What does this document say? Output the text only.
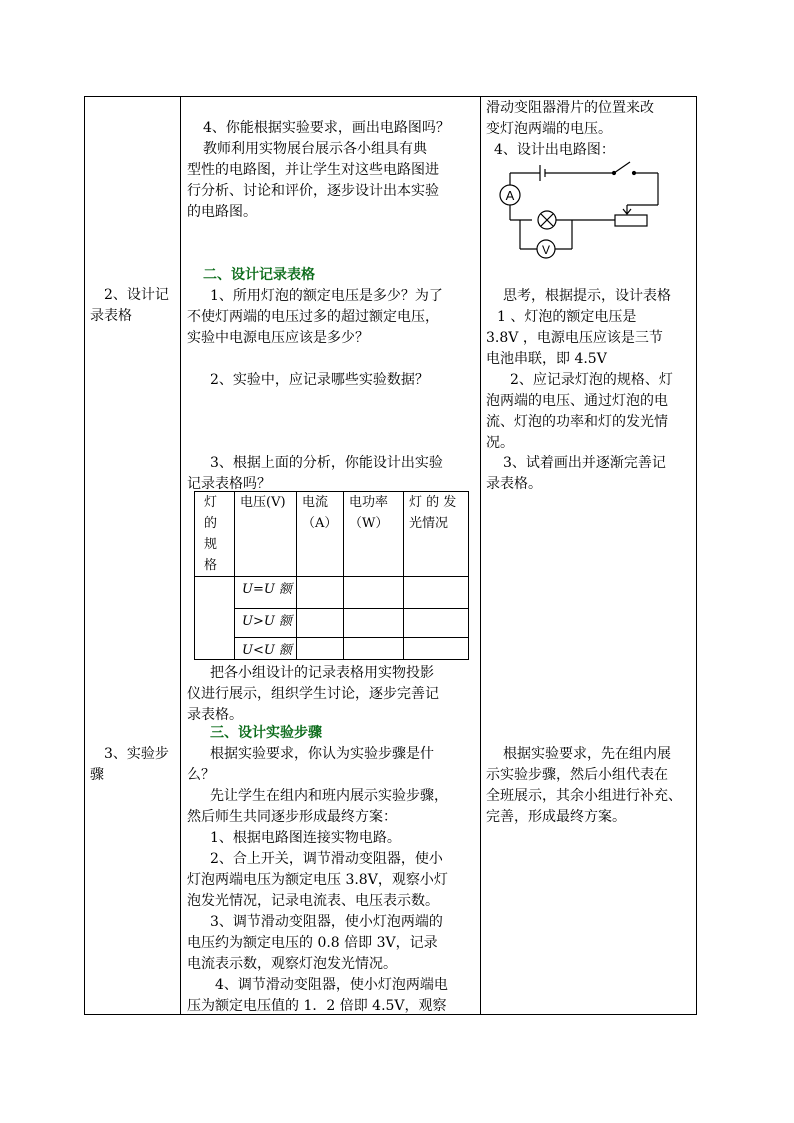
2、设计记
录表格
3、实验步
骤
4、你能根据实验要求，画出电路图吗？
教师利用实物展台展示各小组具有典
型性的电路图，并让学生对这些电路图进
行分析、讨论和评价，逐步设计出本实验
的电路图。
二、设计记录表格
1、所用灯泡的额定电压是多少？为了
不使灯两端的电压过多的超过额定电压，
实验中电源电压应该是多少？
2、实验中，应记录哪些实验数据？
3、根据上面的分析，你能设计出实验
记录表格吗？
灯
的
规
格
电压(V) 电流
（A）
电功率
（W）
灯 的 发
光情况
U=U 额
U>U 额
U<U 额
把各小组设计的记录表格用实物投影
仪进行展示，组织学生讨论，逐步完善记
录表格。
三、设计实验步骤
根据实验要求，你认为实验步骤是什
么？
先让学生在组内和班内展示实验步骤，
然后师生共同逐步形成最终方案：
1、根据电路图连接实物电路。
2、合上开关，调节滑动变阻器，使小
灯泡两端电压为额定电压 3.8V，观察小灯
泡发光情况，记录电流表、电压表示数。
3、调节滑动变阻器，使小灯泡两端的
电压约为额定电压的 0.8 倍即 3V，记录
电流表示数，观察灯泡发光情况。
4、调节滑动变阻器，使小灯泡两端电
压为额定电压值的 1．2 倍即 4.5V，观察
滑动变阻器滑片的位置来改
变灯泡两端的电压。
4、设计出电路图：
A
V
思考，根据提示，设计表格
1 、灯泡的额定电压是
3.8V ，电源电压应该是三节
电池串联，即 4.5V
2、应记录灯泡的规格、灯
泡两端的电压、通过灯泡的电
流、灯泡的功率和灯的发光情
况。
3、试着画出并逐渐完善记
录表格。
根据实验要求，先在组内展
示实验步骤，然后小组代表在
全班展示，其余小组进行补充、
完善，形成最终方案。
